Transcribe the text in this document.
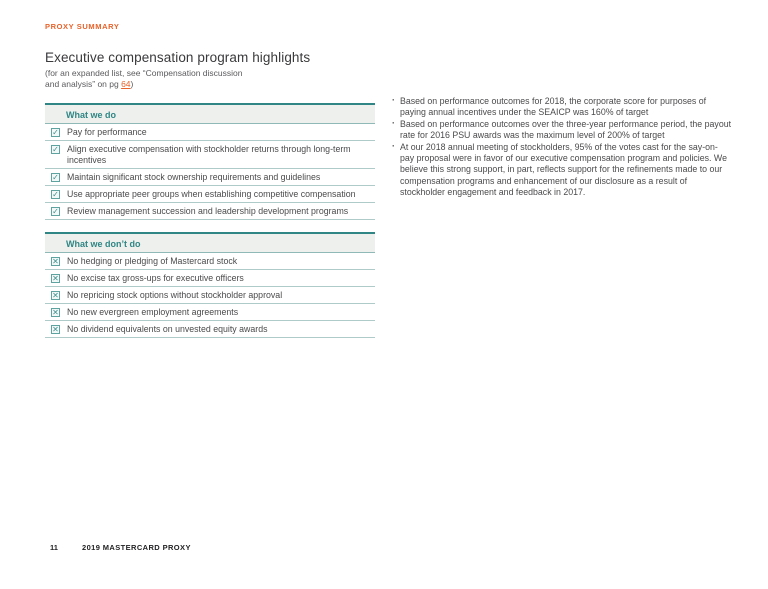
PROXY SUMMARY
Executive compensation program highlights
(for an expanded list, see “Compensation discussion
and analysis” on pg 64)
What we do
✓ Pay for performance
✓ Align executive compensation with stockholder returns through long-term incentives
✓ Maintain significant stock ownership requirements and guidelines
✓ Use appropriate peer groups when establishing competitive compensation
✓ Review management succession and leadership development programs
What we don’t do
✕ No hedging or pledging of Mastercard stock
✕ No excise tax gross-ups for executive officers
✕ No repricing stock options without stockholder approval
✕ No new evergreen employment agreements
✕ No dividend equivalents on unvested equity awards
· Based on performance outcomes for 2018, the corporate score for purposes of paying annual incentives under the SEAICP was 160% of target
· Based on performance outcomes over the three-year performance period, the payout rate for 2016 PSU awards was the maximum level of 200% of target
· At our 2018 annual meeting of stockholders, 95% of the votes cast for the say-on-pay proposal were in favor of our executive compensation program and policies. We believe this strong support, in part, reflects support for the refinements made to our compensation programs and enhancement of our disclosure as a result of stockholder engagement and feedback in 2017.
11	2019 MASTERCARD PROXY
